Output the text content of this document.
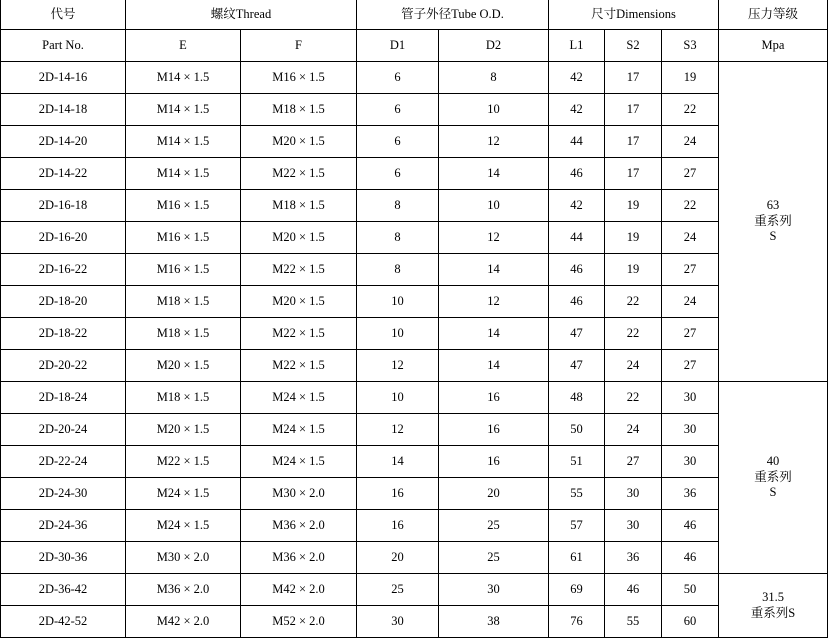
代号	螺纹Thread		管子外径Tube O.D.		尺寸Dimensions			压力等级
Part No.	E	F	D1	D2	L1	S2	S3	Mpa
2D-14-16	M14 × 1.5	M16 × 1.5	6	8	42	17	19	63
重系列
S

2D-14-18	M14 × 1.5	M18 × 1.5	6	10	42	17	22	
2D-14-20	M14 × 1.5	M20 × 1.5	6	12	44	17	24	
2D-14-22	M14 × 1.5	M22 × 1.5	6	14	46	17	27	
2D-16-18	M16 × 1.5	M18 × 1.5	8	10	42	19	22	
2D-16-20	M16 × 1.5	M20 × 1.5	8	12	44	19	24	
2D-16-22	M16 × 1.5	M22 × 1.5	8	14	46	19	27	
2D-18-20	M18 × 1.5	M20 × 1.5	10	12	46	22	24	
2D-18-22	M18 × 1.5	M22 × 1.5	10	14	47	22	27	
2D-20-22	M20 × 1.5	M22 × 1.5	12	14	47	24	27	
2D-18-24	M18 × 1.5	M24 × 1.5	10	16	48	22	30	40
重系列
S

2D-20-24	M20 × 1.5	M24 × 1.5	12	16	50	24	30	
2D-22-24	M22 × 1.5	M24 × 1.5	14	16	51	27	30	
2D-24-30	M24 × 1.5	M30 × 2.0	16	20	55	30	36	
2D-24-36	M24 × 1.5	M36 × 2.0	16	25	57	30	46	
2D-30-36	M30 × 2.0	M36 × 2.0	20	25	61	36	46	
2D-36-42	M36 × 2.0	M42 × 2.0	25	30	69	46	50	31.5
重系列S

2D-42-52	M42 × 2.0	M52 × 2.0	30	38	76	55	60	
